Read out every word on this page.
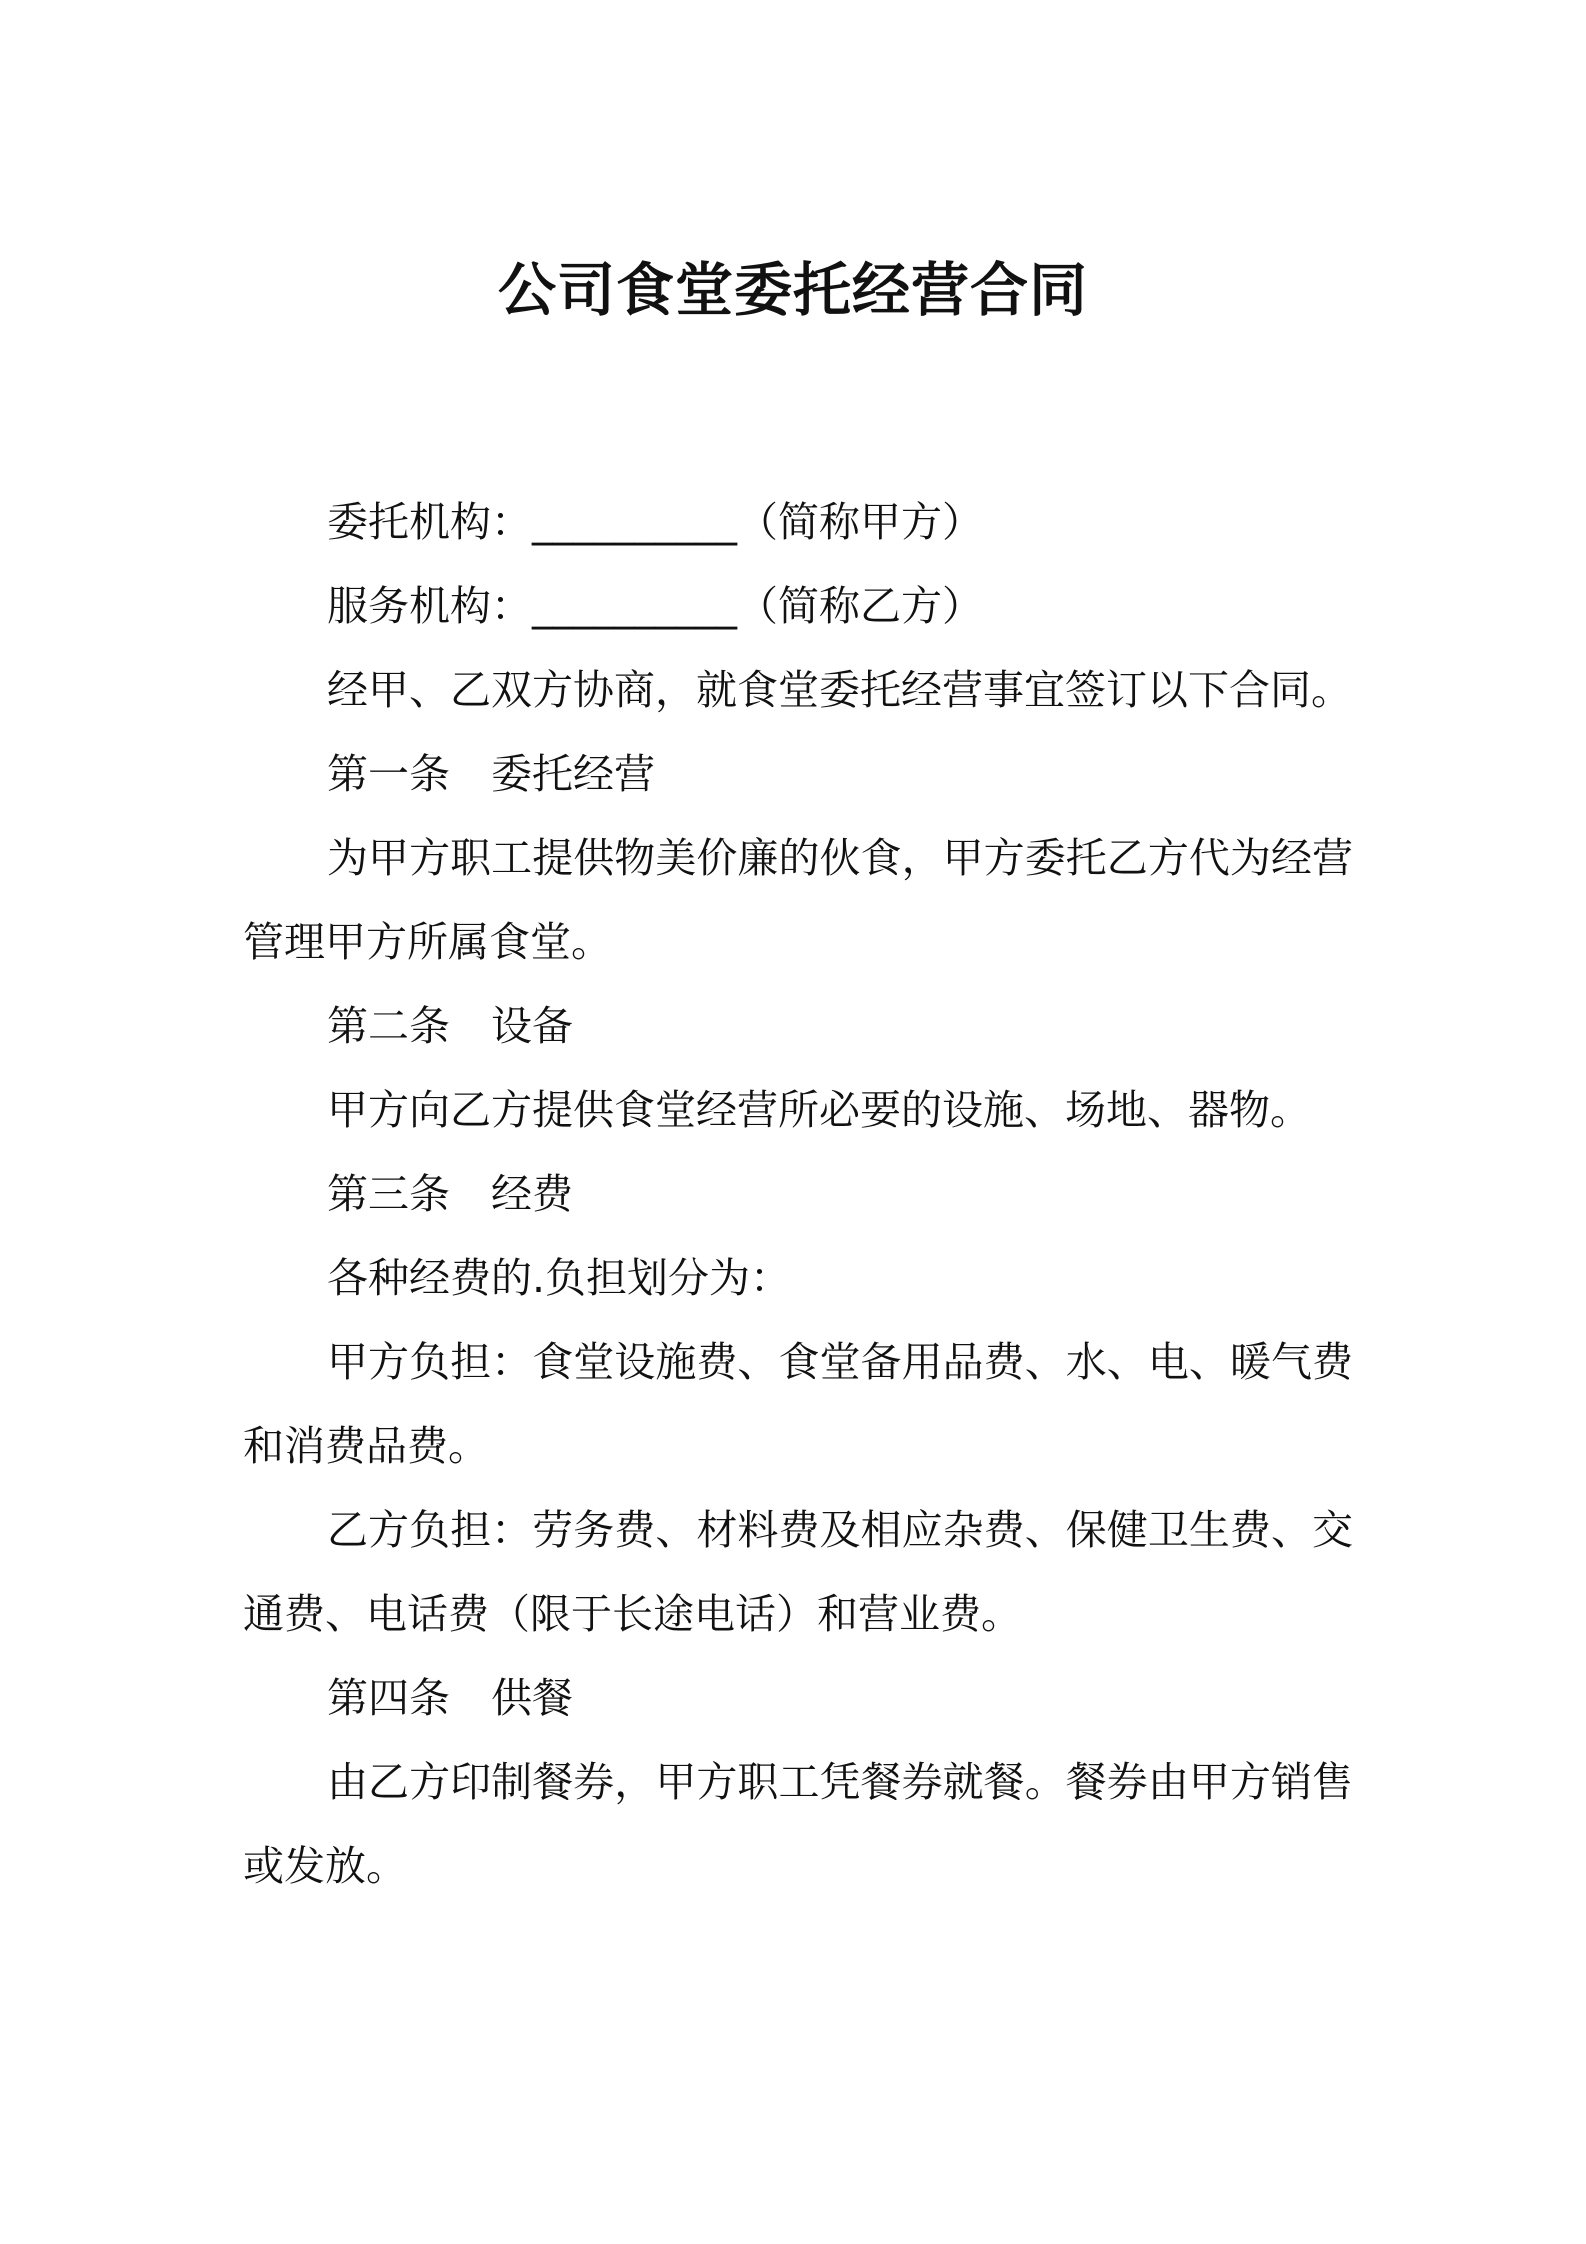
公司食堂委托经营合同

委托机构：__________（简称甲方）

服务机构：__________（简称乙方）

经甲、乙双方协商，就食堂委托经营事宜签订以下合同。

第一条　委托经营

为甲方职工提供物美价廉的伙食，甲方委托乙方代为经营管理甲方所属食堂。

第二条　设备

甲方向乙方提供食堂经营所必要的设施、场地、器物。

第三条　经费

各种经费的.负担划分为：

甲方负担：食堂设施费、食堂备用品费、水、电、暖气费和消费品费。

乙方负担：劳务费、材料费及相应杂费、保健卫生费、交通费、电话费（限于长途电话）和营业费。

第四条　供餐

由乙方印制餐券，甲方职工凭餐券就餐。餐券由甲方销售或发放。
